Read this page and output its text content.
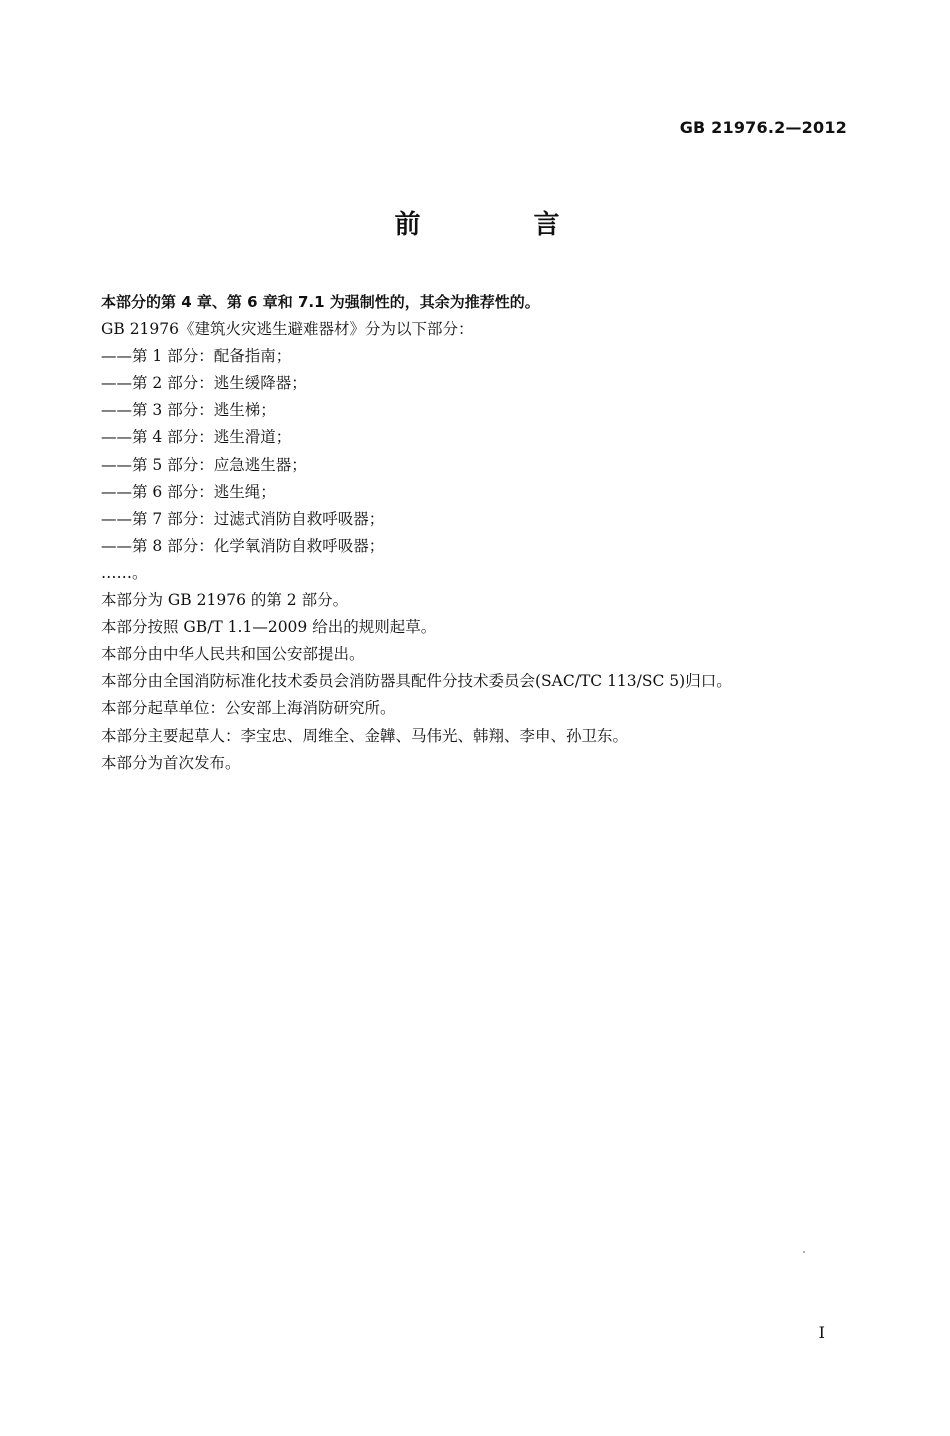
GB 21976.2—2012
前 言
本部分的第 4 章、第 6 章和 7.1 为强制性的，其余为推荐性的。
GB 21976《建筑火灾逃生避难器材》分为以下部分：
——第 1 部分：配备指南；
——第 2 部分：逃生缓降器；
——第 3 部分：逃生梯；
——第 4 部分：逃生滑道；
——第 5 部分：应急逃生器；
——第 6 部分：逃生绳；
——第 7 部分：过滤式消防自救呼吸器；
——第 8 部分：化学氧消防自救呼吸器；
……。
本部分为 GB 21976 的第 2 部分。
本部分按照 GB/T 1.1—2009 给出的规则起草。
本部分由中华人民共和国公安部提出。
本部分由全国消防标准化技术委员会消防器具配件分技术委员会(SAC/TC 113/SC 5)归口。
本部分起草单位：公安部上海消防研究所。
本部分主要起草人：李宝忠、周维全、金韡、马伟光、韩翔、李申、孙卫东。
本部分为首次发布。
I
